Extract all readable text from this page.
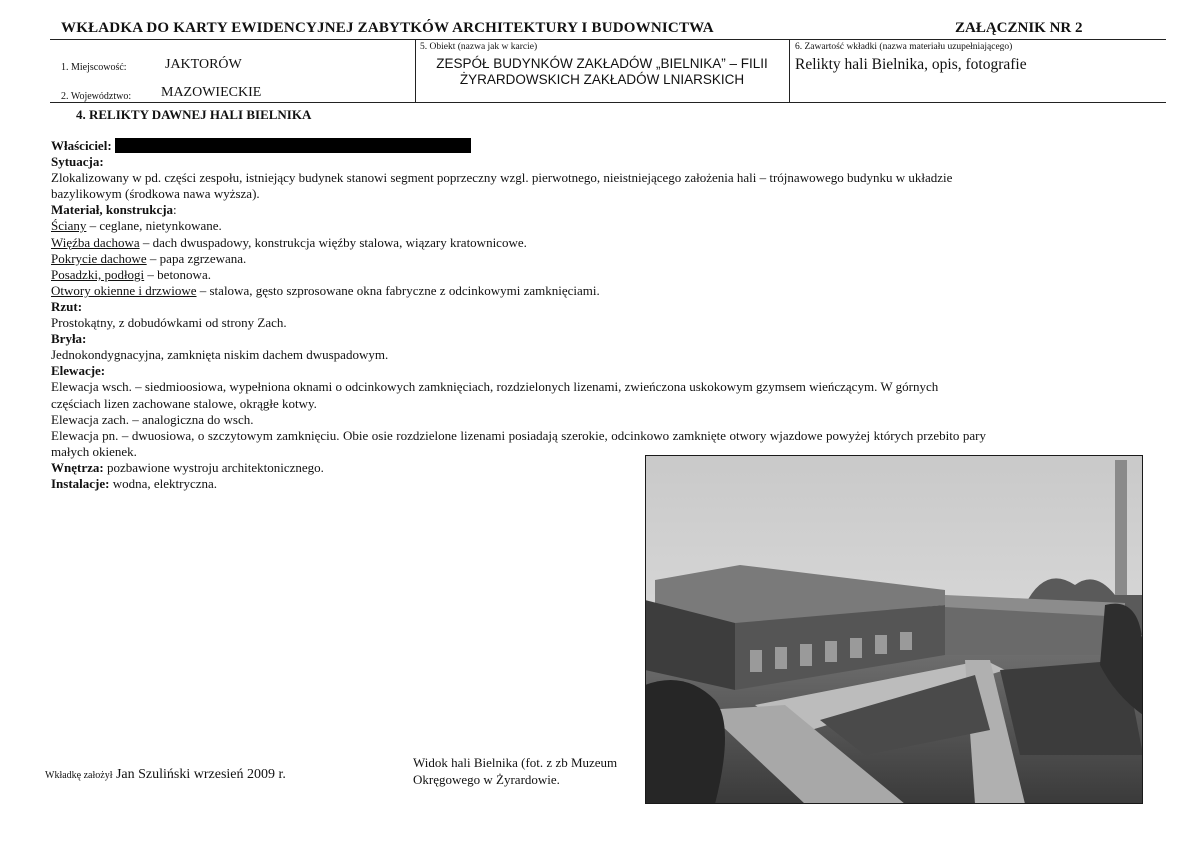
WKŁADKA DO KARTY EWIDENCYJNEJ ZABYTKÓW ARCHITEKTURY I BUDOWNICTWA	ZAŁĄCZNIK NR 2
1. Miejscowość:	JAKTORÓW
2. Województwo: MAZOWIECKIE
5. Obiekt (nazwa jak w karcie)
ZESPÓŁ BUDYNKÓW ZAKŁADÓW „BIELNIKA” – FILII
ŻYRARDOWSKICH ZAKŁADÓW LNIARSKICH
6. Zawartość wkładki (nazwa materiału uzupełniającego)
Relikty hali Bielnika, opis, fotografie
4. RELIKTY DAWNEJ HALI BIELNIKA

Właściciel:

Sytuacja:

Zlokalizowany w pd. części zespołu, istniejący budynek stanowi segment poprzeczny wzgl. pierwotnego, nieistniejącego założenia hali – trójnawowego budynku w układzie bazylikowym (środkowa nawa wyższa).

Materiał, konstrukcja:

Ściany – ceglane, nietynkowane.

Więźba dachowa – dach dwuspadowy, konstrukcja więźby stalowa, wiązary kratownicowe.

Pokrycie dachowe – papa zgrzewana.

Posadzki, podłogi – betonowa.

Otwory okienne i drzwiowe – stalowa, gęsto szprosowane okna fabryczne z odcinkowymi zamknięciami.

Rzut:

Prostokątny, z dobudówkami od strony Zach.

Bryła:

Jednokondygnacyjna, zamknięta niskim dachem dwuspadowym.

Elewacje:

Elewacja wsch. – siedmioosiowa, wypełniona oknami o odcinkowych zamknięciach, rozdzielonych lizenami, zwieńczona uskokowym gzymsem wieńczącym. W górnych częściach lizen zachowane stalowe, okrągłe kotwy.

Elewacja zach. – analogiczna do wsch.

Elewacja pn. – dwuosiowa, o szczytowym zamknięciu. Obie osie rozdzielone lizenami posiadają szerokie, odcinkowo zamknięte otwory wjazdowe powyżej których przebito pary małych okienek.

Wnętrza: pozbawione wystroju architektonicznego.

Instalacje: wodna, elektryczna.

Widok hali Bielnika (fot. z zb Muzeum Okręgowego w Żyrardowie.
Wkładkę założył Jan Szuliński wrzesień 2009 r.
